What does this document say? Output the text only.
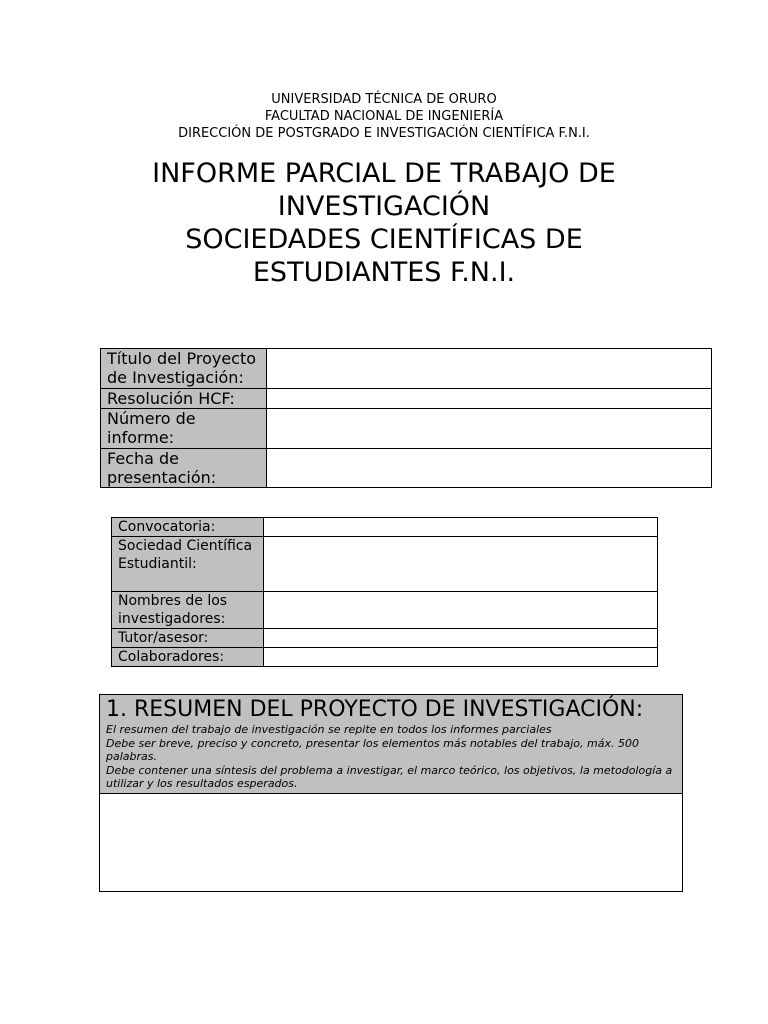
UNIVERSIDAD TÉCNICA DE ORURO
FACULTAD NACIONAL DE INGENIERÍA
DIRECCIÓN DE POSTGRADO E INVESTIGACIÓN CIENTÍFICA F.N.I.
INFORME PARCIAL DE TRABAJO DE
INVESTIGACIÓN
SOCIEDADES CIENTÍFICAS DE
ESTUDIANTES F.N.I.
Título del Proyecto de Investigación:	
Resolución HCF:	
Número de informe:	
Fecha de presentación:	
Convocatoria:	
Sociedad Científica Estudiantil:	
Nombres de los investigadores:	
Tutor/asesor:	
Colaboradores:	
1. RESUMEN DEL PROYECTO DE INVESTIGACIÓN:
El resumen del trabajo de investigación se repite en todos los informes parciales
Debe ser breve, preciso y concreto, presentar los elementos más notables del trabajo, máx. 500 palabras.
Debe contener una síntesis del problema a investigar, el marco teórico, los objetivos, la metodología a utilizar y los resultados esperados.
